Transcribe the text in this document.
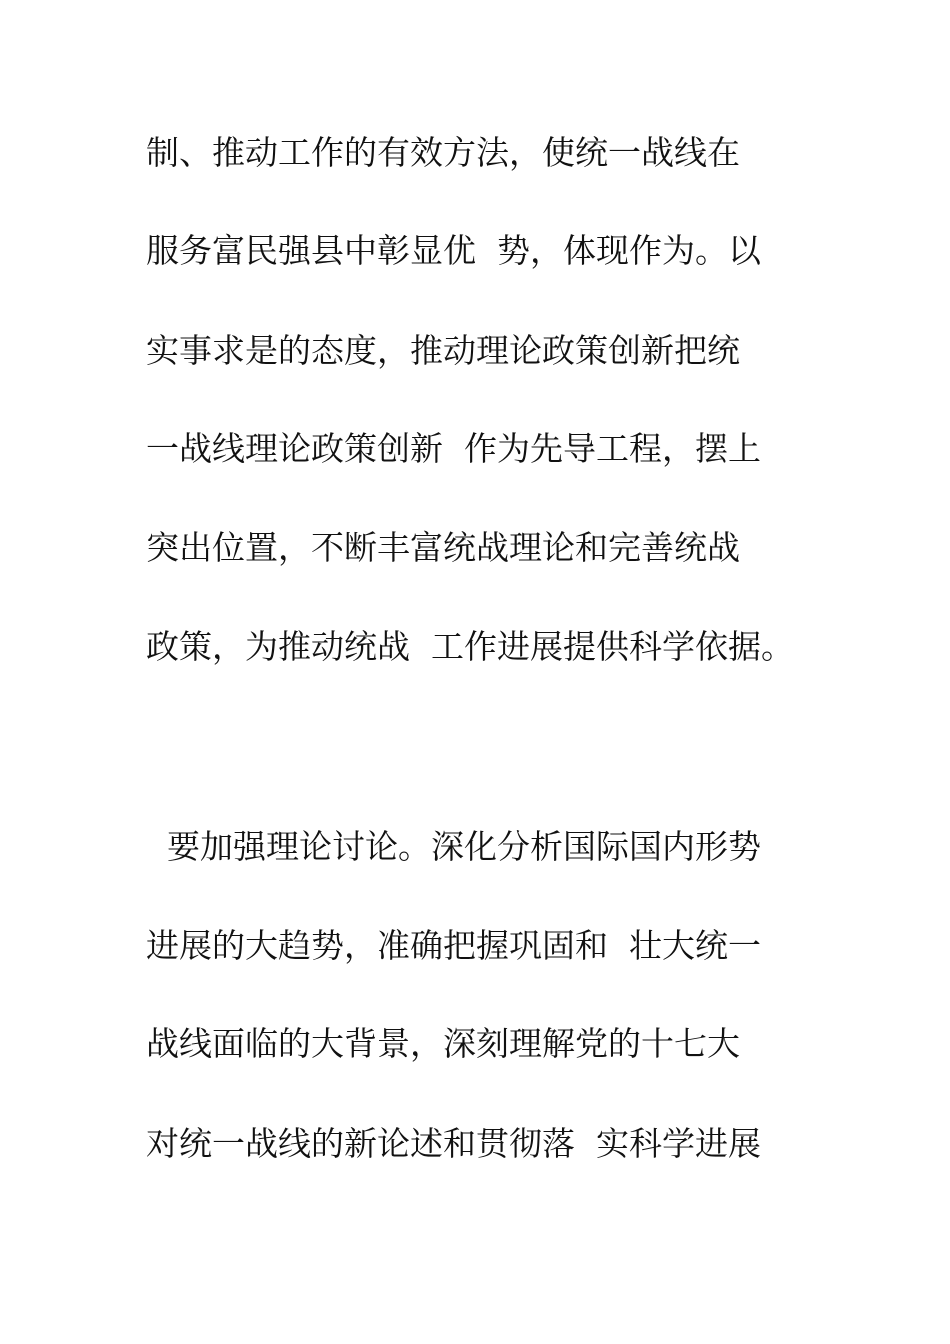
制、推动工作的有效方法，使统一战线在
服务富民强县中彰显优  势，体现作为。以
实事求是的态度，推动理论政策创新把统
一战线理论政策创新  作为先导工程，摆上
突出位置，不断丰富统战理论和完善统战
政策，为推动统战  工作进展提供科学依据。
要加强理论讨论。深化分析国际国内形势
进展的大趋势，准确把握巩固和  壮大统一
战线面临的大背景，深刻理解党的十七大
对统一战线的新论述和贯彻落  实科学进展
